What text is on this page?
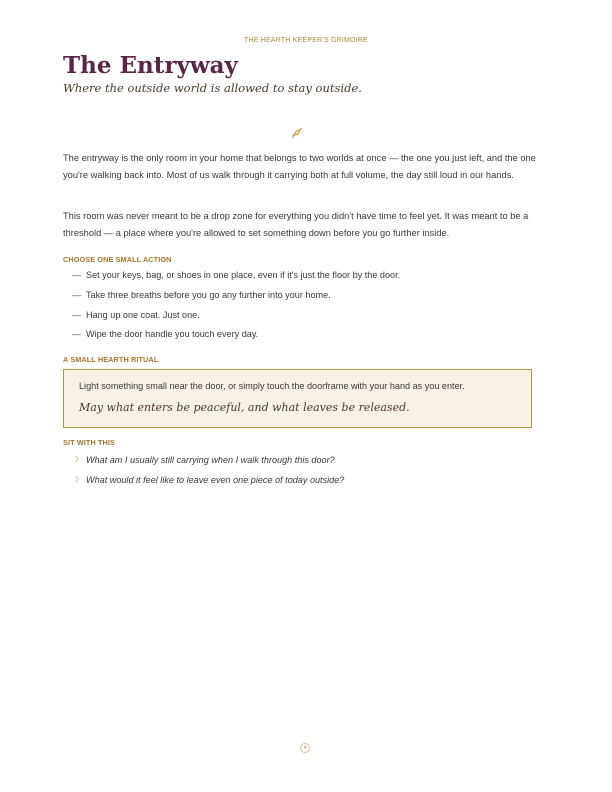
THE HEARTH KEEPER'S GRIMOIRE
The Entryway

Where the outside world is allowed to stay outside.

The entryway is the only room in your home that belongs to two worlds at once — the one you just left, and the one you're walking back into. Most of us walk through it carrying both at full volume, the day still loud in our hands.

This room was never meant to be a drop zone for everything you didn't have time to feel yet. It was meant to be a threshold — a place where you're allowed to set something down before you go further inside.

CHOOSE ONE SMALL ACTION
— Set your keys, bag, or shoes in one place, even if it's just the floor by the door.
— Take three breaths before you go any further into your home.
— Hang up one coat. Just one.
— Wipe the door handle you touch every day.
A SMALL HEARTH RITUAL

Light something small near the door, or simply touch the doorframe with your hand as you enter.

May what enters be peaceful, and what leaves be released.

SIT WITH THIS
☽ What am I usually still carrying when I walk through this door?
☽ What would it feel like to leave even one piece of today outside?
4
